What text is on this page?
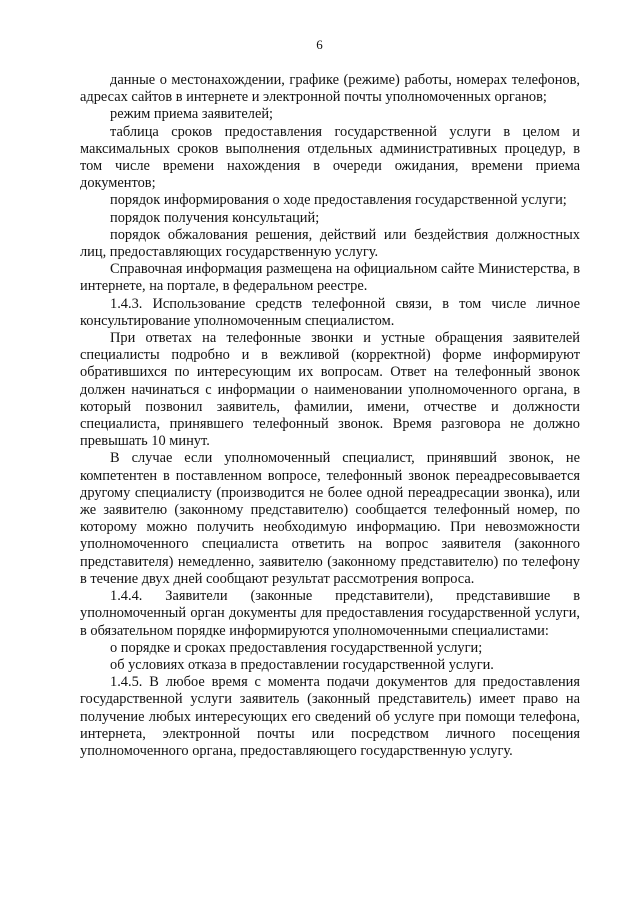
6

данные о местонахождении, графике (режиме) работы, номерах телефонов, адресах сайтов в интернете и электронной почты уполномоченных органов;

режим приема заявителей;

таблица сроков предоставления государственной услуги в целом и максимальных сроков выполнения отдельных административных процедур, в том числе времени нахождения в очереди ожидания, времени приема документов;

порядок информирования о ходе предоставления государственной услуги;

порядок получения консультаций;

порядок обжалования решения, действий или бездействия должностных лиц, предоставляющих государственную услугу.

Справочная информация размещена на официальном сайте Министерства, в интернете, на портале, в федеральном реестре.

1.4.3. Использование средств телефонной связи, в том числе личное консультирование уполномоченным специалистом.

При ответах на телефонные звонки и устные обращения заявителей специалисты подробно и в вежливой (корректной) форме информируют обратившихся по интересующим их вопросам. Ответ на телефонный звонок должен начинаться с информации о наименовании уполномоченного органа, в который позвонил заявитель, фамилии, имени, отчестве и должности специалиста, принявшего телефонный звонок. Время разговора не должно превышать 10 минут.

В случае если уполномоченный специалист, принявший звонок, не компетентен в поставленном вопросе, телефонный звонок переадресовывается другому специалисту (производится не более одной переадресации звонка), или же заявителю (законному представителю) сообщается телефонный номер, по которому можно получить необходимую информацию. При невозможности уполномоченного специалиста ответить на вопрос заявителя (законного представителя) немедленно, заявителю (законному представителю) по телефону в течение двух дней сообщают результат рассмотрения вопроса.

1.4.4. Заявители (законные представители), представившие в уполномоченный орган документы для предоставления государственной услуги, в обязательном порядке информируются уполномоченными специалистами:

о порядке и сроках предоставления государственной услуги;

об условиях отказа в предоставлении государственной услуги.

1.4.5. В любое время с момента подачи документов для предоставления государственной услуги заявитель (законный представитель) имеет право на получение любых интересующих его сведений об услуге при помощи телефона, интернета, электронной почты или посредством личного посещения уполномоченного органа, предоставляющего государственную услугу.
